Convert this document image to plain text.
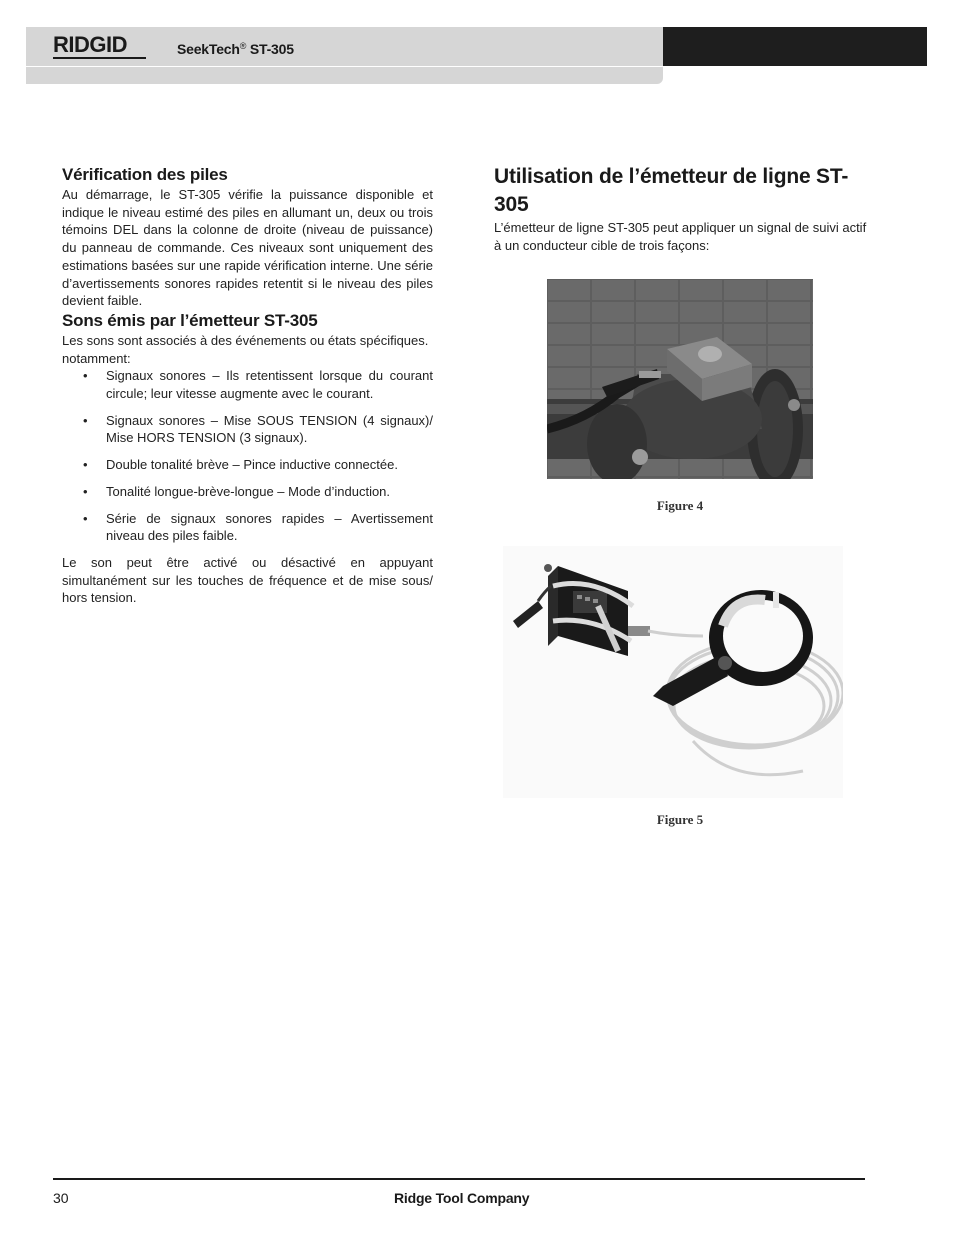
RIDGID	SeekTech® ST-305
Vérification des piles

Au démarrage, le ST-305 vérifie la puissance disponible et indique le niveau estimé des piles en allumant un, deux ou trois témoins DEL dans la colonne de droite (niveau de puissance) du panneau de commande. Ces niveaux sont uniquement des estimations basées sur une rapide vérification interne. Une série d’avertissements sonores rapides retentit si le niveau des piles devient faible.

Sons émis par l’émetteur ST-305

Les sons sont associés à des événements ou états spécifiques.

notamment:

• Signaux sonores – Ils retentissent lorsque du courant circule; leur vitesse augmente avec le courant.
• Signaux sonores – Mise SOUS TENSION (4 signaux)/ Mise HORS TENSION (3 signaux).
• Double tonalité brève – Pince inductive connectée.
• Tonalité longue-brève-longue – Mode d’induction.
• Série de signaux sonores rapides – Avertissement niveau des piles faible.

Le son peut être activé ou désactivé en appuyant simultanément sur les touches de fréquence et de mise sous/ hors tension.

Utilisation de l’émetteur de ligne ST-305

L’émetteur de ligne ST-305 peut appliquer un signal de suivi actif à un conducteur cible de trois façons:

Figure 4
Figure 5
30	Ridge Tool Company
